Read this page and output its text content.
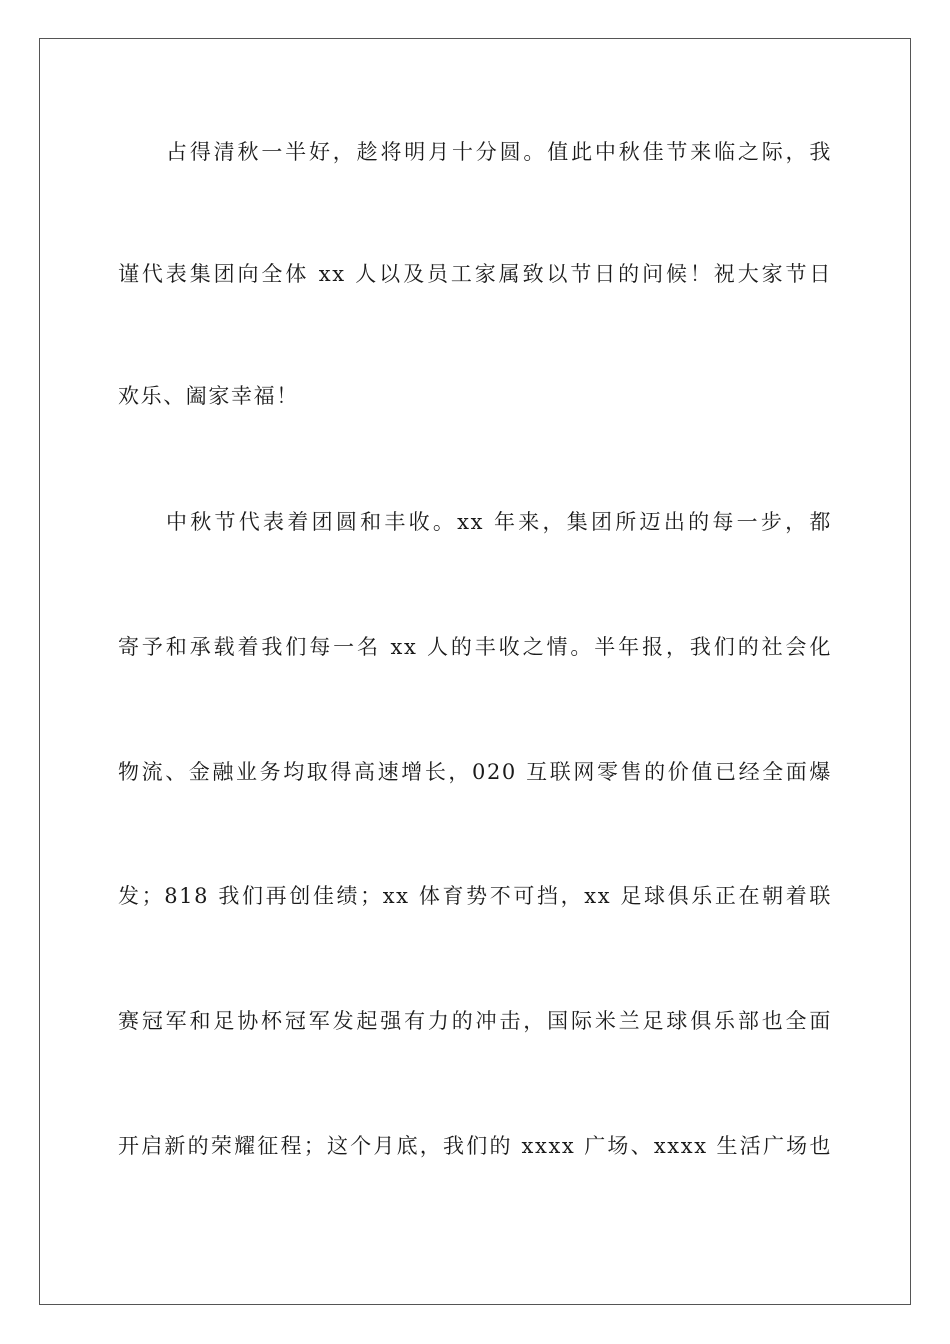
占得清秋一半好，趁将明月十分圆。值此中秋佳节来临之际，我
谨代表集团向全体 xx 人以及员工家属致以节日的问候！祝大家节日
欢乐、阖家幸福！
中秋节代表着团圆和丰收。xx 年来，集团所迈出的每一步，都
寄予和承载着我们每一名 xx 人的丰收之情。半年报，我们的社会化
物流、金融业务均取得高速增长，020 互联网零售的价值已经全面爆
发；818 我们再创佳绩；xx 体育势不可挡，xx 足球俱乐正在朝着联
赛冠军和足协杯冠军发起强有力的冲击，国际米兰足球俱乐部也全面
开启新的荣耀征程；这个月底，我们的 xxxx 广场、xxxx 生活广场也
